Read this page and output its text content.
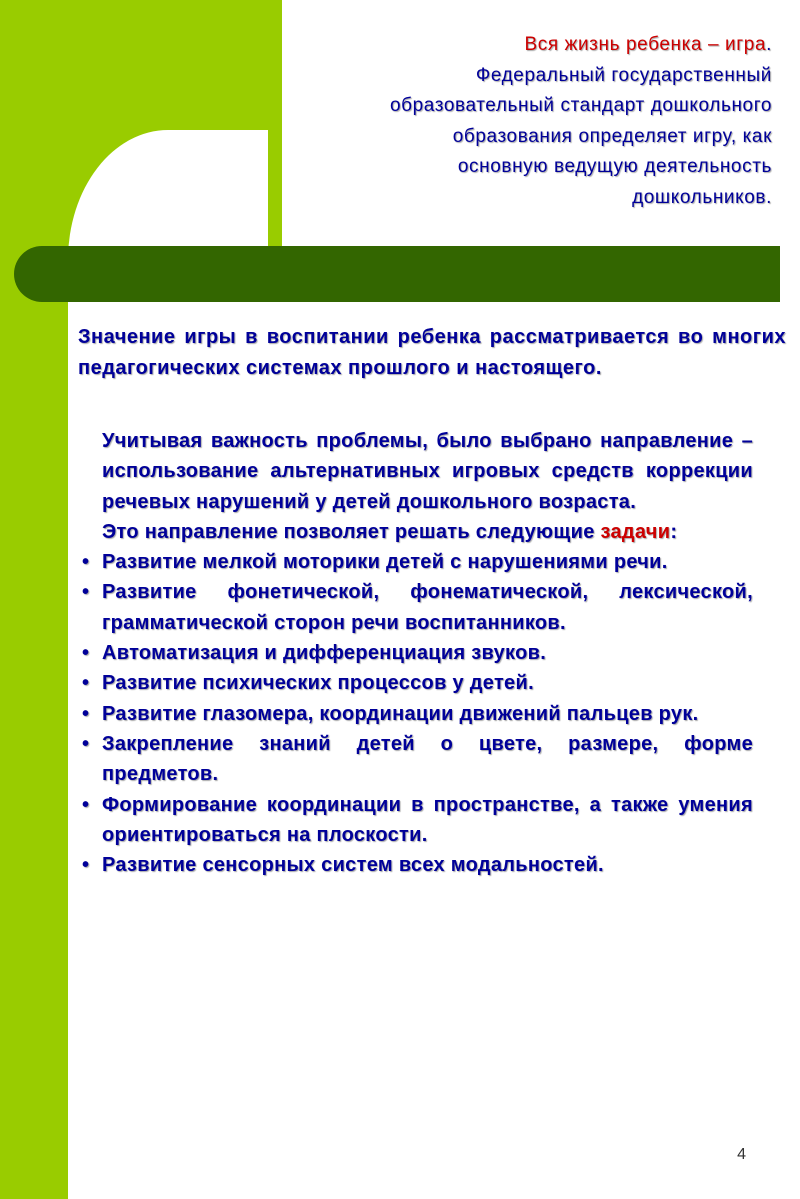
Вся жизнь ребенка – игра.
Федеральный государственный
образовательный стандарт дошкольного
образования определяет игру, как
основную ведущую деятельность
дошкольников.
Значение игры в воспитании ребенка рассматривается во многих педагогических системах прошлого и настоящего.

Учитывая важность проблемы, было выбрано направление – использование альтернативных игровых средств коррекции речевых нарушений у детей дошкольного возраста.

Это направление позволяет решать следующие задачи:

• Развитие мелкой моторики детей с нарушениями речи.
• Развитие фонетической, фонематической, лексической, грамматической сторон речи воспитанников.
• Автоматизация и дифференциация звуков.
• Развитие психических процессов у детей.
• Развитие глазомера, координации движений пальцев рук.
• Закрепление знаний детей о цвете, размере, форме предметов.
• Формирование координации в пространстве, а также умения ориентироваться на плоскости.
• Развитие сенсорных систем всех модальностей.
4
